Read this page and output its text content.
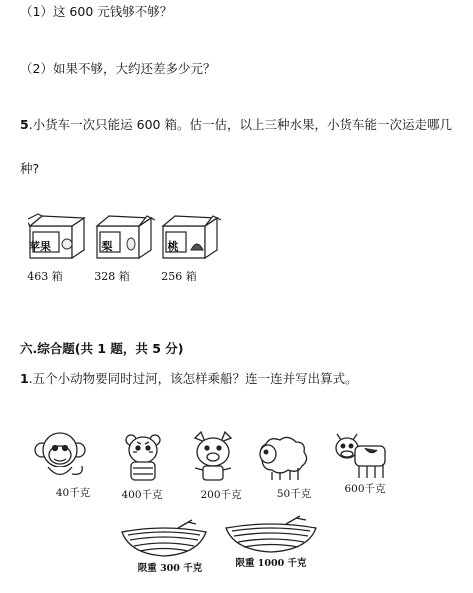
（1）这 600 元钱够不够？
（2）如果不够，大约还差多少元？
5.小货车一次只能运 600 箱。估一估，以上三种水果，小货车能一次运走哪几
种?
苹果	梨	桃
463 箱	328 箱	256 箱
六.综合题(共 1 题，共 5 分)
1.五个小动物要同时过河，该怎样乘船？连一连并写出算式。
40千克	400千克	200千克	50千克	600千克
限重 300 千克	限重 1000 千克
